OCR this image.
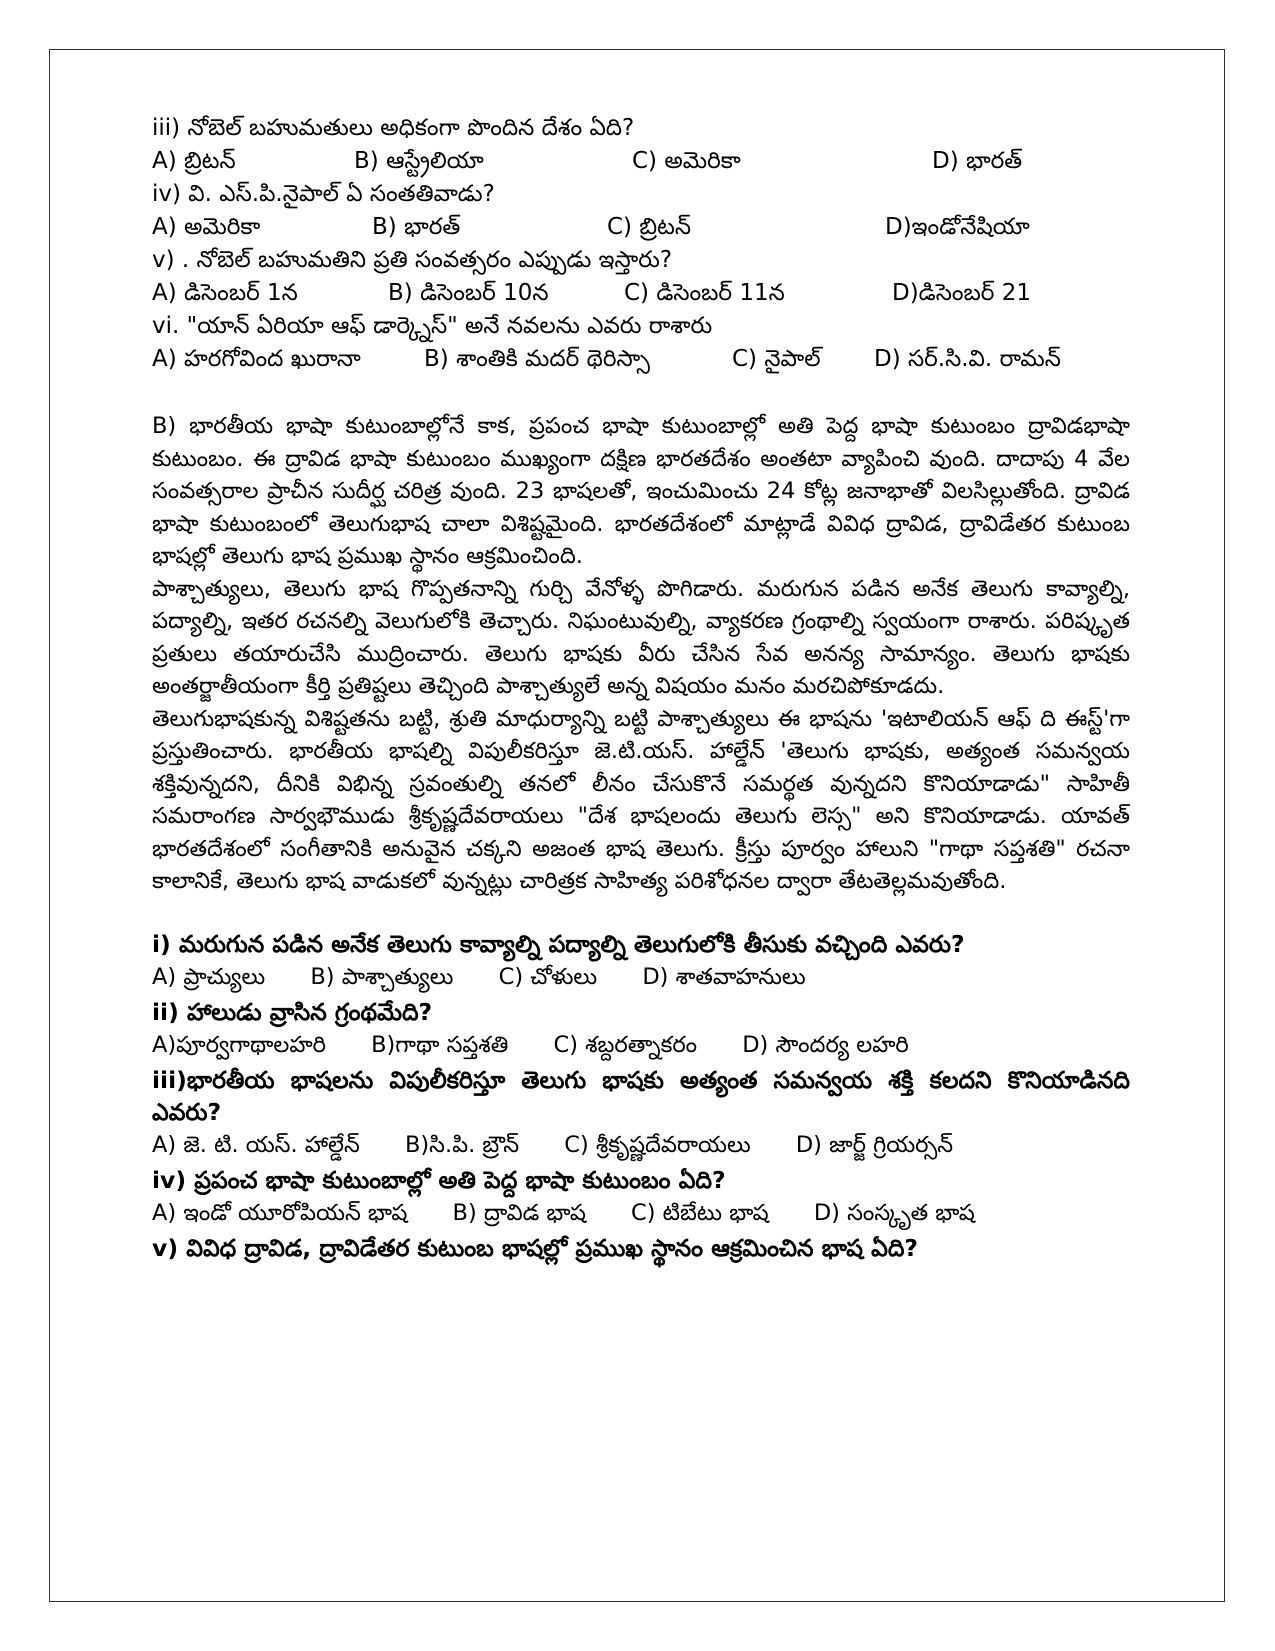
iii) నోబెల్ బహుమతులు అధికంగా పొందిన దేశం ఏది?
A) బ్రిటన్	B) ఆస్ట్రేలియా	C) అమెరికా	D) భారత్
iv) వి. ఎస్.పి.నైపాల్ ఏ సంతతివాడు?
A) అమెరికా	B) భారత్	C) బ్రిటన్	D)ఇండోనేషియా
v) . నోబెల్ బహుమతిని ప్రతి సంవత్సరం ఎప్పుడు ఇస్తారు?
A) డిసెంబర్ 1న	B) డిసెంబర్ 10న	C) డిసెంబర్ 11న	D)డిసెంబర్ 21
vi. "యాన్ ఏరియా ఆఫ్ డార్క్నెస్" అనే నవలను ఎవరు రాశారు
A) హరగోవింద ఖురానా	B) శాంతికి మదర్ థెరిస్సా	C) నైపాల్	D) సర్.సి.వి. రామన్

B) భారతీయ భాషా కుటుంబాల్లోనే కాక, ప్రపంచ భాషా కుటుంబాల్లో అతి పెద్ద భాషా కుటుంబం ద్రావిడభాషా కుటుంబం. ఈ ద్రావిడ భాషా కుటుంబం ముఖ్యంగా దక్షిణ భారతదేశం అంతటా వ్యాపించి వుంది. దాదాపు 4 వేల సంవత్సరాల ప్రాచీన సుదీర్ఘ చరిత్ర వుంది. 23 భాషలతో, ఇంచుమించు 24 కోట్ల జనాభాతో విలసిల్లుతోంది. ద్రావిడ భాషా కుటుంబంలో తెలుగుభాష చాలా విశిష్టమైంది. భారతదేశంలో మాట్లాడే వివిధ ద్రావిడ, ద్రావిడేతర కుటుంబ భాషల్లో తెలుగు భాష ప్రముఖ స్థానం ఆక్రమించింది.

పాశ్చాత్యులు, తెలుగు భాష గొప్పతనాన్ని గుర్చి వేనోళ్ళ పొగిడారు. మరుగున పడిన అనేక తెలుగు కావ్యాల్ని, పద్యాల్ని, ఇతర రచనల్ని వెలుగులోకి తెచ్చారు. నిఘంటువుల్ని, వ్యాకరణ గ్రంథాల్ని స్వయంగా రాశారు. పరిష్కృత ప్రతులు తయారుచేసి ముద్రించారు. తెలుగు భాషకు వీరు చేసిన సేవ అనన్య సామాన్యం. తెలుగు భాషకు అంతర్జాతీయంగా కీర్తి ప్రతిష్టలు తెచ్చింది పాశ్చాత్యులే అన్న విషయం మనం మరచిపోకూడదు.

తెలుగుభాషకున్న విశిష్టతను బట్టి, శ్రుతి మాధుర్యాన్ని బట్టి పాశ్చాత్యులు ఈ భాషను 'ఇటాలియన్ ఆఫ్ ది ఈస్ట్'గా ప్రస్తుతించారు. భారతీయ భాషల్ని విపులీకరిస్తూ జె.టి.యస్. హాల్డేన్ 'తెలుగు భాషకు, అత్యంత సమన్వయ శక్తివున్నదని, దీనికి విభిన్న స్రవంతుల్ని తనలో లీనం చేసుకొనే సమర్థత వున్నదని కొనియాడాడు" సాహితీ సమరాంగణ సార్వభౌముడు శ్రీకృష్ణదేవరాయలు "దేశ భాషలందు తెలుగు లెస్స" అని కొనియాడాడు. యావత్ భారతదేశంలో సంగీతానికి అనువైన చక్కని అజంత భాష తెలుగు. క్రీస్తు పూర్వం హాలుని "గాథా సప్తశతి" రచనా కాలానికే, తెలుగు భాష వాడుకలో వున్నట్లు చారిత్రక సాహిత్య పరిశోధనల ద్వారా తేటతెల్లమవుతోంది.

i) మరుగున పడిన అనేక తెలుగు కావ్యాల్ని పద్యాల్ని తెలుగులోకి తీసుకు వచ్చింది ఎవరు?

A) ప్రాచ్యులు B) పాశ్చాత్యులు C) చోళులు D) శాతవాహనులు

ii) హాలుడు వ్రాసిన గ్రంథమేది?

A)పూర్వగాథాలహరి B)గాథా సప్తశతి C) శబ్దరత్నాకరం D) సౌందర్య లహరి

iii)భారతీయ భాషలను విపులీకరిస్తూ తెలుగు భాషకు అత్యంత సమన్వయ శక్తి కలదని కొనియాడినది ఎవరు?

A) జె. టి. యస్. హాల్డేన్ B)సి.పి. బ్రౌన్ C) శ్రీకృష్ణదేవరాయలు D) జార్జ్ గ్రియర్సన్

iv) ప్రపంచ భాషా కుటుంబాల్లో అతి పెద్ద భాషా కుటుంబం ఏది?

A) ఇండో యూరోపియన్ భాష B) ద్రావిడ భాష C) టిబేటు భాష D) సంస్కృత భాష

v) వివిధ ద్రావిడ, ద్రావిడేతర కుటుంబ భాషల్లో ప్రముఖ స్థానం ఆక్రమించిన భాష ఏది?
